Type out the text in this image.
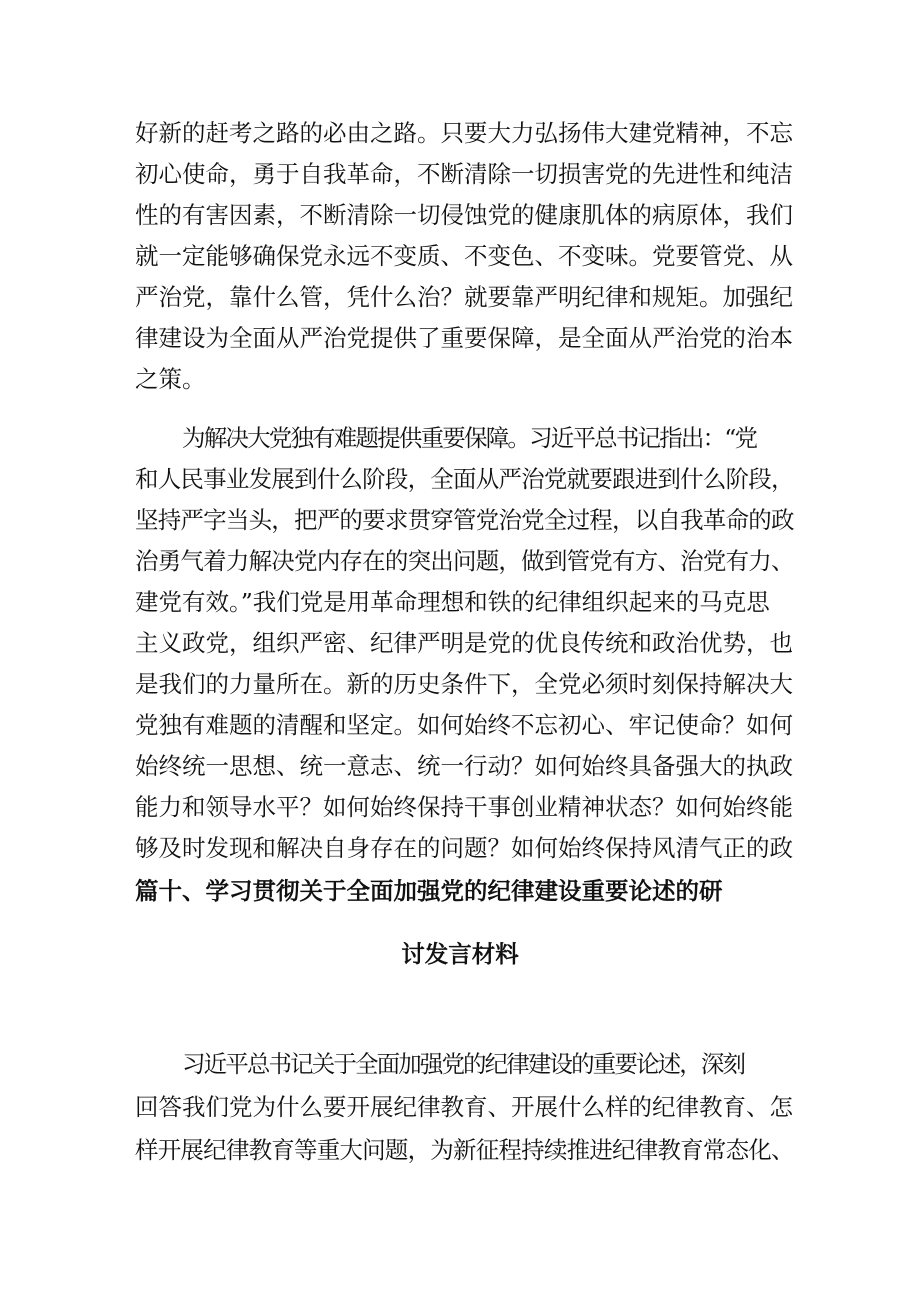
好新的赶考之路的必由之路。只要大力弘扬伟大建党精神，不忘
初心使命，勇于自我革命，不断清除一切损害党的先进性和纯洁
性的有害因素，不断清除一切侵蚀党的健康肌体的病原体，我们
就一定能够确保党永远不变质、不变色、不变味。党要管党、从
严治党，靠什么管，凭什么治？就要靠严明纪律和规矩。加强纪
律建设为全面从严治党提供了重要保障，是全面从严治党的治本
之策。
为解决大党独有难题提供重要保障。习近平总书记指出：“党
和人民事业发展到什么阶段，全面从严治党就要跟进到什么阶段，
坚持严字当头，把严的要求贯穿管党治党全过程，以自我革命的政
治勇气着力解决党内存在的突出问题，做到管党有方、治党有力、
建党有效。”我们党是用革命理想和铁的纪律组织起来的马克思
主义政党，组织严密、纪律严明是党的优良传统和政治优势，也
是我们的力量所在。新的历史条件下，全党必须时刻保持解决大
党独有难题的清醒和坚定。如何始终不忘初心、牢记使命？如何
始终统一思想、统一意志、统一行动？如何始终具备强大的执政
能力和领导水平？如何始终保持干事创业精神状态？如何始终能
够及时发现和解决自身存在的问题？如何始终保持风清气正的政
篇十、学习贯彻关于全面加强党的纪律建设重要论述的研
讨发言材料
习近平总书记关于全面加强党的纪律建设的重要论述，深刻
回答我们党为什么要开展纪律教育、开展什么样的纪律教育、怎
样开展纪律教育等重大问题，为新征程持续推进纪律教育常态化、
